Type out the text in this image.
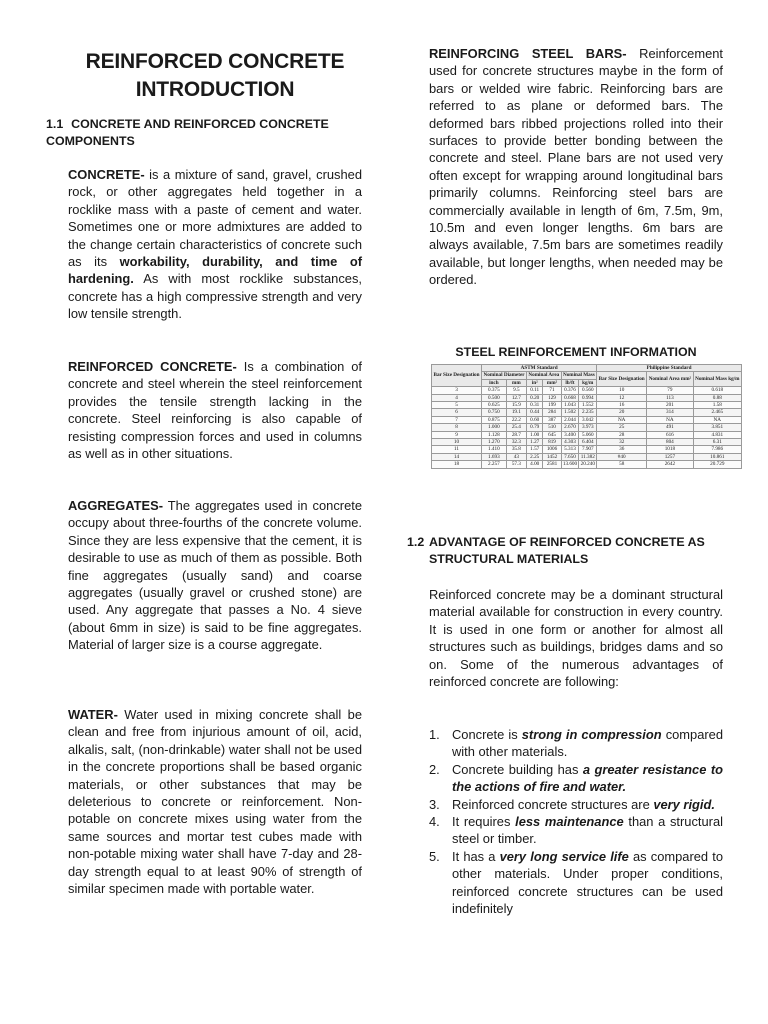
REINFORCED CONCRETE
INTRODUCTION
1.1 CONCRETE AND REINFORCED CONCRETE COMPONENTS

CONCRETE- is a mixture of sand, gravel, crushed rock, or other aggregates held together in a rocklike mass with a paste of cement and water. Sometimes one or more admixtures are added to the change certain characteristics of concrete such as its workability, durability, and time of hardening. As with most rocklike substances, concrete has a high compressive strength and very low tensile strength.

REINFORCED CONCRETE- Is a combination of concrete and steel wherein the steel reinforcement provides the tensile strength lacking in the concrete. Steel reinforcing is also capable of resisting compression forces and used in columns as well as in other situations.

AGGREGATES- The aggregates used in concrete occupy about three-fourths of the concrete volume. Since they are less expensive that the cement, it is desirable to use as much of them as possible. Both fine aggregates (usually sand) and coarse aggregates (usually gravel or crushed stone) are used. Any aggregate that passes a No. 4 sieve (about 6mm in size) is said to be fine aggregates. Material of larger size is a course aggregate.

WATER- Water used in mixing concrete shall be clean and free from injurious amount of oil, acid, alkalis, salt, (non-drinkable) water shall not be used in the concrete proportions shall be based organic materials, or other substances that may be deleterious to concrete or reinforcement. Non-potable on concrete mixes using water from the same sources and mortar test cubes made with non-potable mixing water shall have 7-day and 28-day strength equal to at least 90% of strength of similar specimen made with portable water.

REINFORCING STEEL BARS- Reinforcement used for concrete structures maybe in the form of bars or welded wire fabric. Reinforcing bars are referred to as plane or deformed bars. The deformed bars ribbed projections rolled into their surfaces to provide better bonding between the concrete and steel. Plane bars are not used very often except for wrapping around longitudinal bars primarily columns. Reinforcing steel bars are commercially available in length of 6m, 7.5m, 9m, 10.5m and even longer lengths. 6m bars are always available, 7.5m bars are sometimes readily available, but longer lengths, when needed may be ordered.

STEEL REINFORCEMENT INFORMATION
Bar Size Designation	ASTM Standard						Philippine Standard		
	Nominal Diameter		Nominal Area		Nominal Mass		Bar Size Designation	Nominal Area mm²	Nominal Mass kg/m
	inch	mm	in²	mm²	lb/ft	kg/m			
3	0.375	9.5	0.11	71	0.376	0.560	10	79	0.618
4	0.500	12.7	0.20	129	0.668	0.994	12	113	0.88
5	0.625	15.9	0.31	199	1.043	1.552	16	201	1.58
6	0.750	19.1	0.44	284	1.502	2.235	20	314	2.465
7	0.875	22.2	0.60	387	2.044	3.042	NA	NA	NA
8	1.000	25.4	0.79	510	2.670	3.973	25	491	3.851
9	1.128	28.7	1.00	645	3.400	5.060	28	616	4.831
10	1.270	32.3	1.27	819	4.303	6.404	32	804	6.31
11	1.410	35.8	1.57	1006	5.313	7.907	36	1018	7.986
14	1.693	43	2.25	1452	7.650	11.382	#40	1257	10.861
18	2.257	57.3	4.00	2581	13.600	20.240	58	2642	20.729
1.2 ADVANTAGE OF REINFORCED CONCRETE AS STRUCTURAL MATERIALS

Reinforced concrete may be a dominant structural material available for construction in every country. It is used in one form or another for almost all structures such as buildings, bridges dams and so on. Some of the numerous advantages of reinforced concrete are following:

1. Concrete is strong in compression compared with other materials.
2. Concrete building has a greater resistance to the actions of fire and water.
3. Reinforced concrete structures are very rigid.
4. It requires less maintenance than a structural steel or timber.
5. It has a very long service life as compared to other materials. Under proper conditions, reinforced concrete structures can be used indefinitely
